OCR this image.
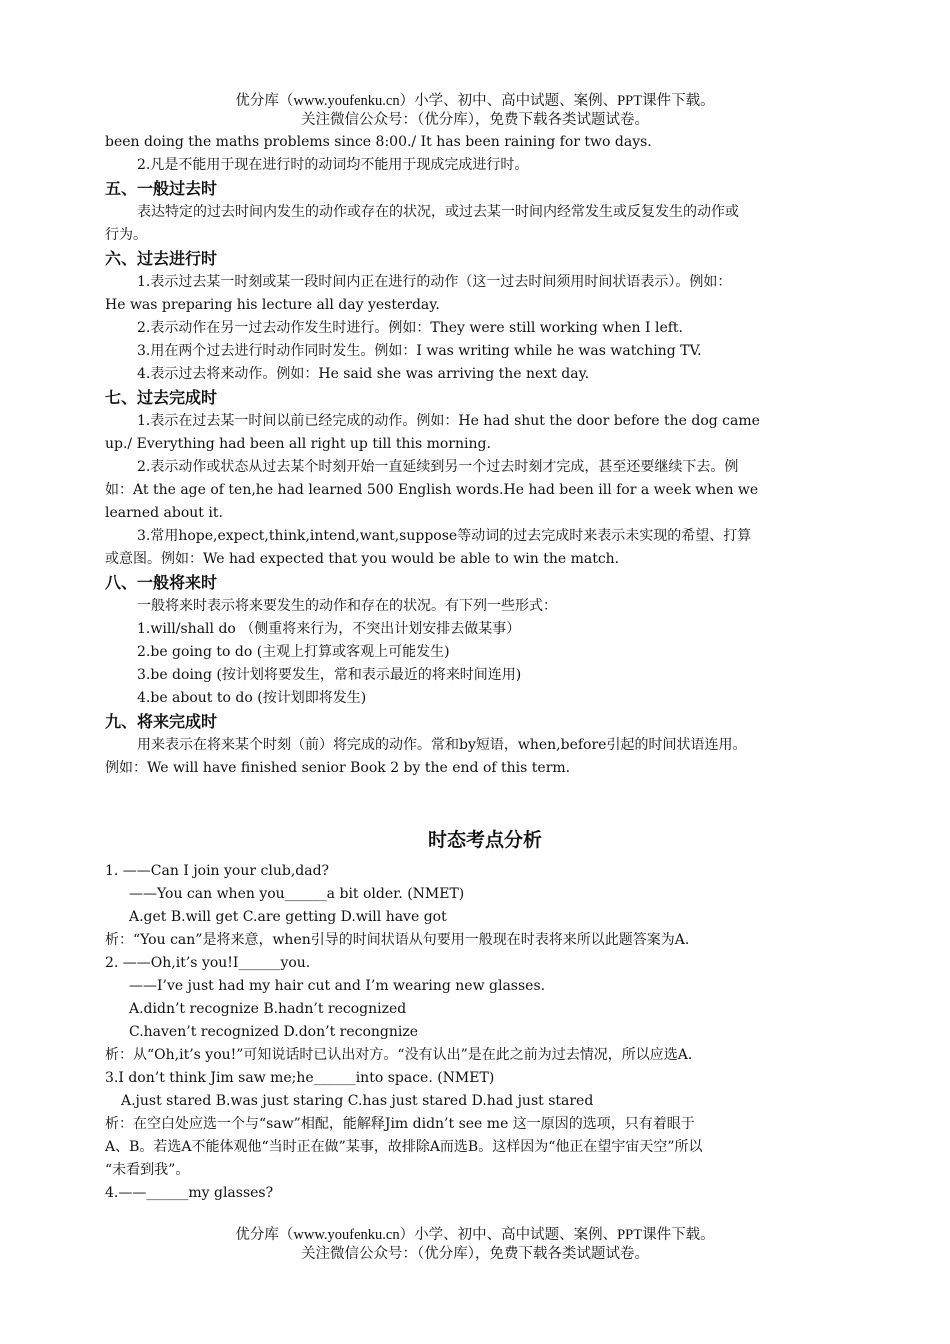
优分库（www.youfenku.cn）小学、初中、高中试题、案例、PPT课件下载。
关注微信公众号：（优分库），免费下载各类试题试卷。
been doing the maths problems since 8:00./ It has been raining for two days.
2.凡是不能用于现在进行时的动词均不能用于现成完成进行时。
五、一般过去时
表达特定的过去时间内发生的动作或存在的状况，或过去某一时间内经常发生或反复发生的动作或
行为。
六、过去进行时
1.表示过去某一时刻或某一段时间内正在进行的动作（这一过去时间须用时间状语表示）。例如：
He was preparing his lecture all day yesterday.
2.表示动作在另一过去动作发生时进行。例如：They were still working when I left.
3.用在两个过去进行时动作同时发生。例如：I was writing while he was watching TV.
4.表示过去将来动作。例如：He said she was arriving the next day.
七、过去完成时
1.表示在过去某一时间以前已经完成的动作。例如：He had shut the door before the dog came
up./ Everything had been all right up till this morning.
2.表示动作或状态从过去某个时刻开始一直延续到另一个过去时刻才完成，甚至还要继续下去。例
如：At the age of ten,he had learned 500 English words.He had been ill for a week when we
learned about it.
3.常用hope,expect,think,intend,want,suppose等动词的过去完成时来表示未实现的希望、打算
或意图。例如：We had expected that you would be able to win the match.
八、一般将来时
一般将来时表示将来要发生的动作和存在的状况。有下列一些形式：
1.will/shall do （侧重将来行为，不突出计划安排去做某事）
2.be going to do (主观上打算或客观上可能发生)
3.be doing (按计划将要发生，常和表示最近的将来时间连用)
4.be about to do (按计划即将发生)
九、将来完成时
用来表示在将来某个时刻（前）将完成的动作。常和by短语，when,before引起的时间状语连用。
例如：We will have finished senior Book 2 by the end of this term.
时态考点分析
1. ——Can I join your club,dad?
——You can when you______a bit older. (NMET)
A.get B.will get C.are getting D.will have got
析：“You can”是将来意，when引导的时间状语从句要用一般现在时表将来所以此题答案为A.
2. ——Oh,it’s you!I______you.
——I’ve just had my hair cut and I’m wearing new glasses.
A.didn’t recognize B.hadn’t recognized
C.haven’t recognized D.don’t recongnize
析：从“Oh,it’s you!”可知说话时已认出对方。“没有认出”是在此之前为过去情况，所以应选A.
3.I don’t think Jim saw me;he______into space. (NMET)
A.just stared B.was just staring C.has just stared D.had just stared
析：在空白处应选一个与“saw”相配，能解释Jim didn’t see me 这一原因的选项，只有着眼于
A、B。若选A不能体观他“当时正在做”某事，故排除A而选B。这样因为“他正在望宇宙天空”所以
“未看到我”。
4.——______my glasses?
优分库（www.youfenku.cn）小学、初中、高中试题、案例、PPT课件下载。
关注微信公众号：（优分库），免费下载各类试题试卷。
